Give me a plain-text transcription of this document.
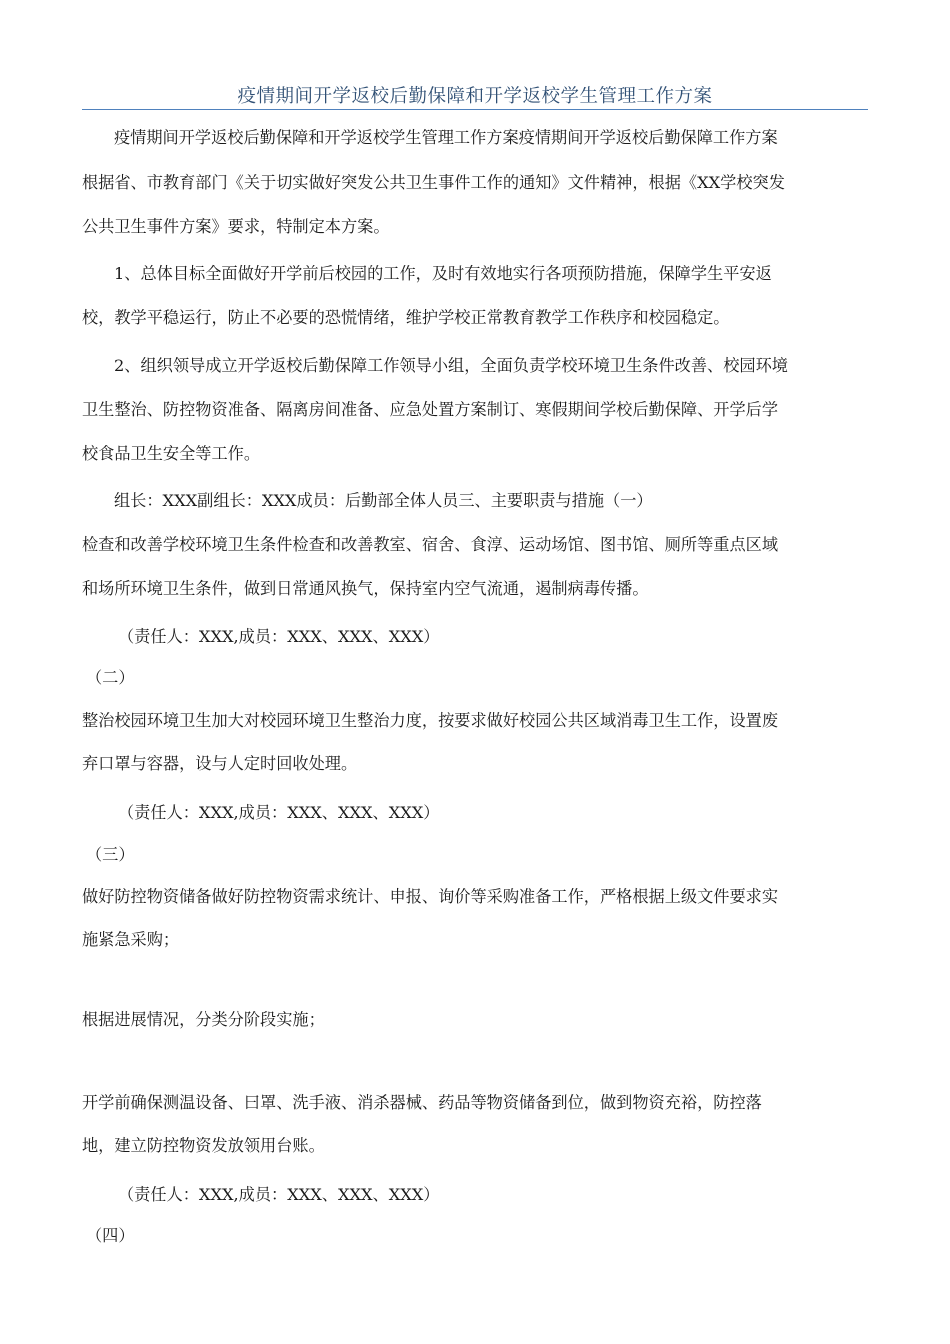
疫情期间开学返校后勤保障和开学返校学生管理工作方案
疫情期间开学返校后勤保障和开学返校学生管理工作方案疫情期间开学返校后勤保障工作方案
根据省、市教育部门《关于切实做好突发公共卫生事件工作的通知》文件精神，根据《XX学校突发
公共卫生事件方案》要求，特制定本方案。
1、总体目标全面做好开学前后校园的工作，及时有效地实行各项预防措施，保障学生平安返
校，教学平稳运行，防止不必要的恐慌情绪，维护学校正常教育教学工作秩序和校园稳定。
2、组织领导成立开学返校后勤保障工作领导小组，全面负责学校环境卫生条件改善、校园环境
卫生整治、防控物资准备、隔离房间准备、应急处置方案制订、寒假期间学校后勤保障、开学后学
校食品卫生安全等工作。
组长：XXX副组长：XXX成员：后勤部全体人员三、主要职责与措施（一）
检查和改善学校环境卫生条件检查和改善教室、宿舍、食淳、运动场馆、图书馆、厕所等重点区域
和场所环境卫生条件，做到日常通风换气，保持室内空气流通，遏制病毒传播。
（责任人：XXX,成员：XXX、XXX、XXX）
（二）
整治校园环境卫生加大对校园环境卫生整治力度，按要求做好校园公共区域消毒卫生工作，设置废
弃口罩与容器，设与人定时回收处理。
（责任人：XXX,成员：XXX、XXX、XXX）
（三）
做好防控物资储备做好防控物资需求统计、申报、询价等采购准备工作，严格根据上级文件要求实
施紧急采购；
根据进展情况，分类分阶段实施；
开学前确保测温设备、曰罩、洗手液、消杀器械、药品等物资储备到位，做到物资充裕，防控落
地，建立防控物资发放领用台账。
（责任人：XXX,成员：XXX、XXX、XXX）
（四）
